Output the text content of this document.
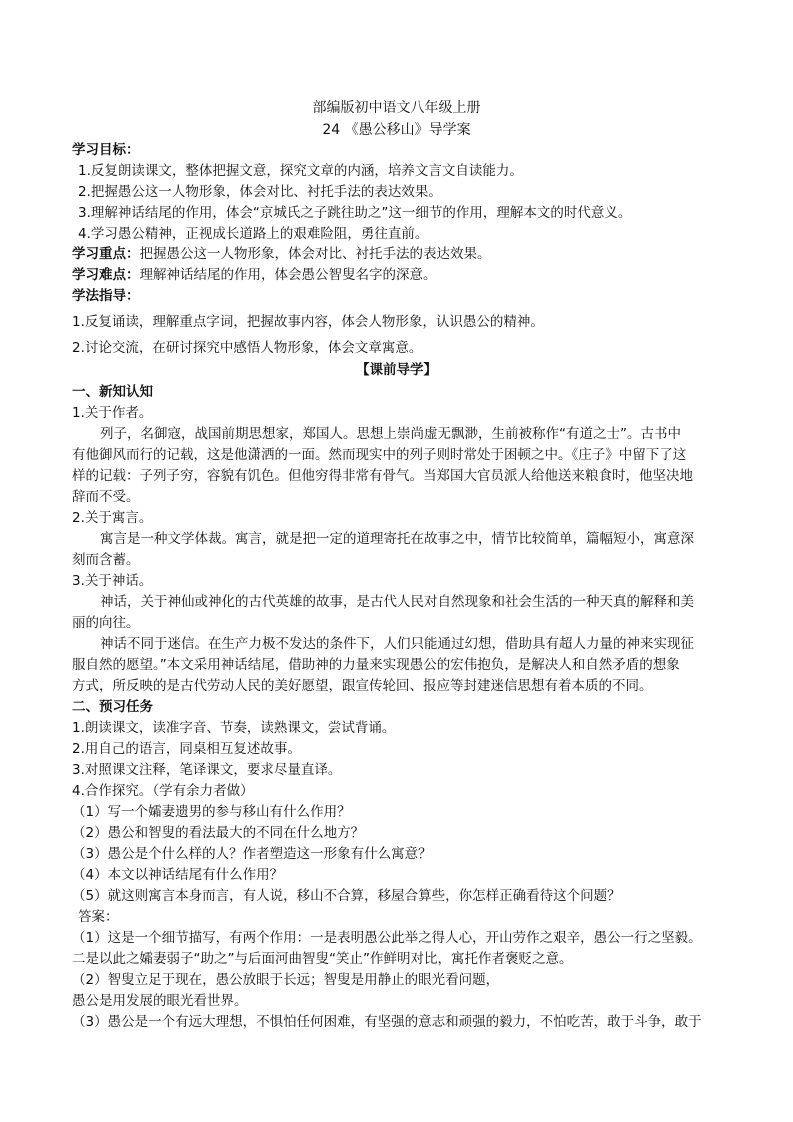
部编版初中语文八年级上册
24 《愚公移山》导学案
学习目标：
1.反复朗读课文，整体把握文意，探究文章的内涵，培养文言文自读能力。
2.把握愚公这一人物形象，体会对比、衬托手法的表达效果。
3.理解神话结尾的作用，体会“京城氏之子跳往助之”这一细节的作用，理解本文的时代意义。
4.学习愚公精神，正视成长道路上的艰难险阻，勇往直前。
学习重点：把握愚公这一人物形象，体会对比、衬托手法的表达效果。
学习难点：理解神话结尾的作用，体会愚公智叟名字的深意。
学法指导：
1.反复诵读，理解重点字词，把握故事内容，体会人物形象，认识愚公的精神。
2.讨论交流，在研讨探究中感悟人物形象，体会文章寓意。
【课前导学】
一、新知认知
1.关于作者。
列子，名御寇，战国前期思想家，郑国人。思想上崇尚虚无飘渺，生前被称作“有道之士”。古书中
有他御风而行的记载，这是他潇洒的一面。然而现实中的列子则时常处于困顿之中。《庄子》中留下了这
样的记载：子列子穷，容貌有饥色。但他穷得非常有骨气。当郑国大官员派人给他送来粮食时，他坚决地
辞而不受。
2.关于寓言。
寓言是一种文学体裁。寓言，就是把一定的道理寄托在故事之中，情节比较简单，篇幅短小，寓意深
刻而含蓄。
3.关于神话。
神话，关于神仙或神化的古代英雄的故事，是古代人民对自然现象和社会生活的一种天真的解释和美
丽的向往。
神话不同于迷信。在生产力极不发达的条件下，人们只能通过幻想，借助具有超人力量的神来实现征
服自然的愿望。”本文采用神话结尾，借助神的力量来实现愚公的宏伟抱负，是解决人和自然矛盾的想象
方式，所反映的是古代劳动人民的美好愿望，跟宣传轮回、报应等封建迷信思想有着本质的不同。
二、预习任务
1.朗读课文，读准字音、节奏，读熟课文，尝试背诵。
2.用自己的语言，同桌相互复述故事。
3.对照课文注释，笔译课文，要求尽量直译。
4.合作探究。（学有余力者做）
（1）写一个孀妻遗男的参与移山有什么作用？
（2）愚公和智叟的看法最大的不同在什么地方？
（3）愚公是个什么样的人？作者塑造这一形象有什么寓意？
（4）本文以神话结尾有什么作用？
（5）就这则寓言本身而言，有人说，移山不合算，移屋合算些，你怎样正确看待这个问题？
答案：
（1）这是一个细节描写，有两个作用：一是表明愚公此举之得人心，开山劳作之艰辛，愚公一行之坚毅。
二是以此之孀妻弱子“助之”与后面河曲智叟“笑止”作鲜明对比，寓托作者褒贬之意。
（2）智叟立足于现在，愚公放眼于长远；智叟是用静止的眼光看问题，
愚公是用发展的眼光看世界。
（3）愚公是一个有远大理想，不惧怕任何困难，有坚强的意志和顽强的毅力，不怕吃苦，敢于斗争，敢于
